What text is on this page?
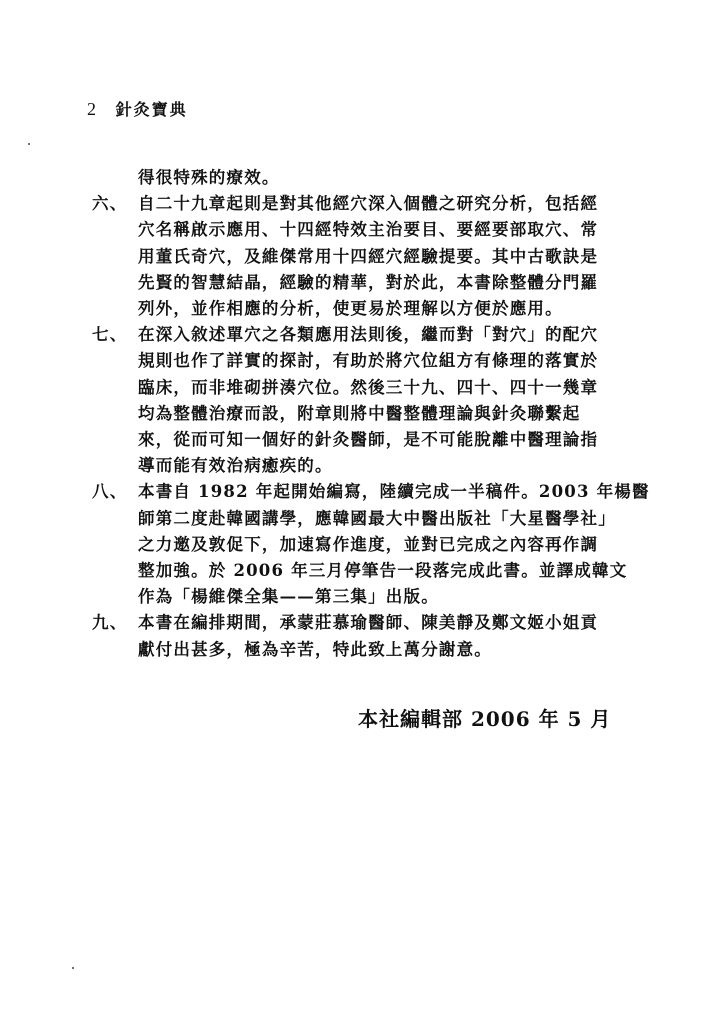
2 針灸寶典
得很特殊的療效。
六、 自二十九章起則是對其他經穴深入個體之研究分析，包括經
穴名稱啟示應用、十四經特效主治要目、要經要部取穴、常
用董氏奇穴，及維傑常用十四經穴經驗提要。其中古歌訣是
先賢的智慧結晶，經驗的精華，對於此，本書除整體分門羅
列外，並作相應的分析，使更易於理解以方便於應用。
七、 在深入敘述單穴之各類應用法則後，繼而對「對穴」的配穴
規則也作了詳實的探討，有助於將穴位組方有條理的落實於
臨床，而非堆砌拼湊穴位。然後三十九、四十、四十一幾章
均為整體治療而設，附章則將中醫整體理論與針灸聯繫起
來，從而可知一個好的針灸醫師，是不可能脫離中醫理論指
導而能有效治病癒疾的。
八、 本書自 1982 年起開始編寫，陸續完成一半稿件。2003 年楊醫
師第二度赴韓國講學，應韓國最大中醫出版社「大星醫學社」
之力邀及敦促下，加速寫作進度，並對已完成之內容再作調
整加強。於 2006 年三月停筆告一段落完成此書。並譯成韓文
作為「楊維傑全集——第三集」出版。
九、 本書在編排期間，承蒙莊慕瑜醫師、陳美靜及鄭文姬小姐貢
獻付出甚多，極為辛苦，特此致上萬分謝意。
本社編輯部 2006 年 5 月
